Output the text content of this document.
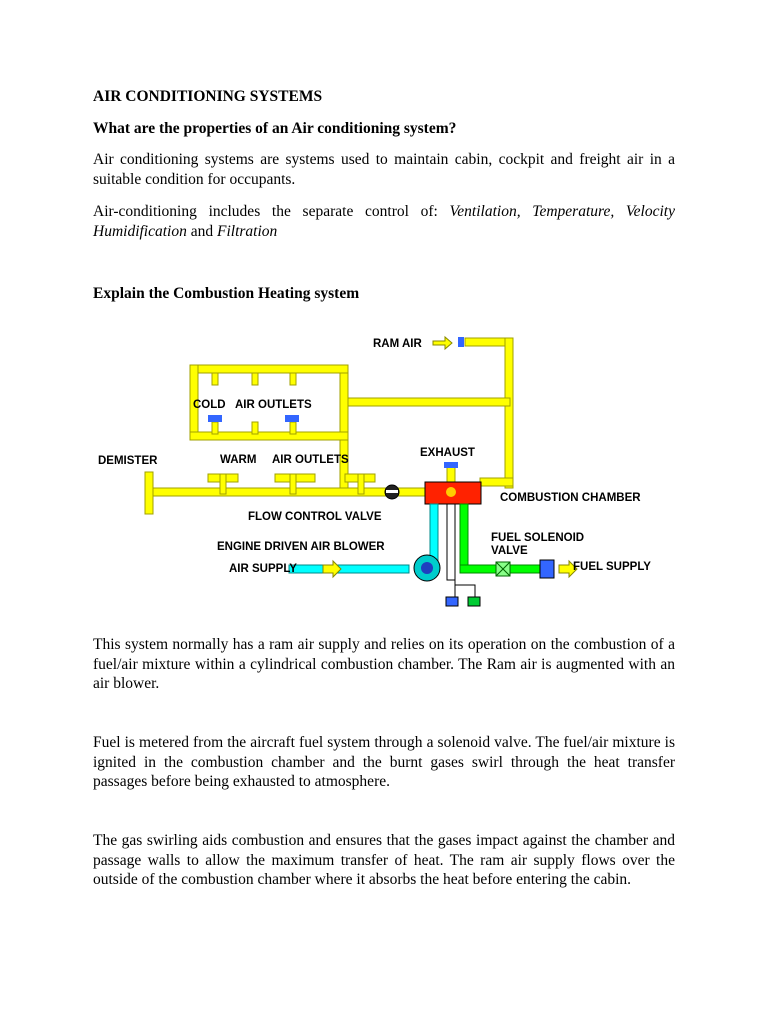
AIR CONDITIONING SYSTEMS
What are the properties of an Air conditioning system?
Air conditioning systems are systems used to maintain cabin, cockpit and freight air in a suitable condition for occupants.
Air-conditioning includes the separate control of: Ventilation, Temperature, Velocity Humidification and Filtration
Explain the Combustion Heating system
This system normally has a ram air supply and relies on its operation on the combustion of a fuel/air mixture within a cylindrical combustion chamber. The Ram air is augmented with an air blower.
Fuel is metered from the aircraft fuel system through a solenoid valve. The fuel/air mixture is ignited in the combustion chamber and the burnt gases swirl through the heat transfer passages before being exhausted to atmosphere.
The gas swirling aids combustion and ensures that the gases impact against the chamber and passage walls to allow the maximum transfer of heat. The ram air supply flows over the outside of the combustion chamber where it absorbs the heat before entering the cabin.
RAM AIR
COLD AIR OUTLETS
EXHAUST
DEMISTER	WARM AIR OUTLETS
COMBUSTION CHAMBER
FLOW CONTROL VALVE
FUEL SOLENOID
VALVE
ENGINE DRIVEN AIR BLOWER
AIR SUPPLY	FUEL SUPPLY
